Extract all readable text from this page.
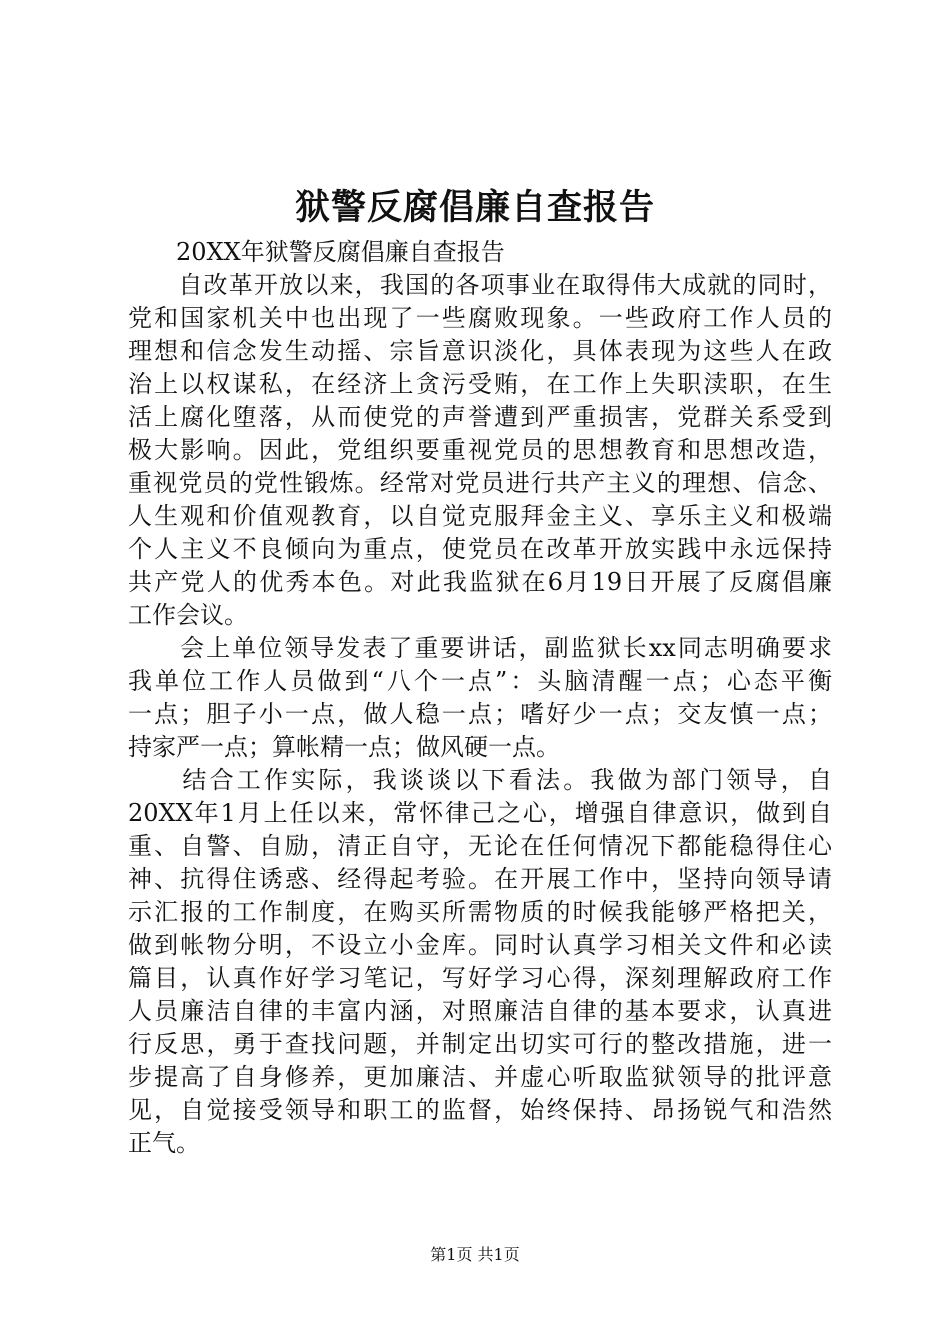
狱警反腐倡廉自查报告
　　20XX年狱警反腐倡廉自查报告
　　自改革开放以来，我国的各项事业在取得伟大成就的同时，
党和国家机关中也出现了一些腐败现象。一些政府工作人员的
理想和信念发生动摇、宗旨意识淡化，具体表现为这些人在政
治上以权谋私，在经济上贪污受贿，在工作上失职渎职，在生
活上腐化堕落，从而使党的声誉遭到严重损害，党群关系受到
极大影响。因此，党组织要重视党员的思想教育和思想改造，
重视党员的党性锻炼。经常对党员进行共产主义的理想、信念、
人生观和价值观教育，以自觉克服拜金主义、享乐主义和极端
个人主义不良倾向为重点，使党员在改革开放实践中永远保持
共产党人的优秀本色。对此我监狱在6月19日开展了反腐倡廉
工作会议。
　　会上单位领导发表了重要讲话，副监狱长xx同志明确要求
我单位工作人员做到“八个一点”：头脑清醒一点；心态平衡
一点；胆子小一点，做人稳一点；嗜好少一点；交友慎一点；
持家严一点；算帐精一点；做风硬一点。
　　结合工作实际，我谈谈以下看法。我做为部门领导，自
20XX年1月上任以来，常怀律己之心，增强自律意识，做到自
重、自警、自励，清正自守，无论在任何情况下都能稳得住心
神、抗得住诱惑、经得起考验。在开展工作中，坚持向领导请
示汇报的工作制度，在购买所需物质的时候我能够严格把关，
做到帐物分明，不设立小金库。同时认真学习相关文件和必读
篇目，认真作好学习笔记，写好学习心得，深刻理解政府工作
人员廉洁自律的丰富内涵，对照廉洁自律的基本要求，认真进
行反思，勇于查找问题，并制定出切实可行的整改措施，进一
步提高了自身修养，更加廉洁、并虚心听取监狱领导的批评意
见，自觉接受领导和职工的监督，始终保持、昂扬锐气和浩然
正气。
第1页 共1页
